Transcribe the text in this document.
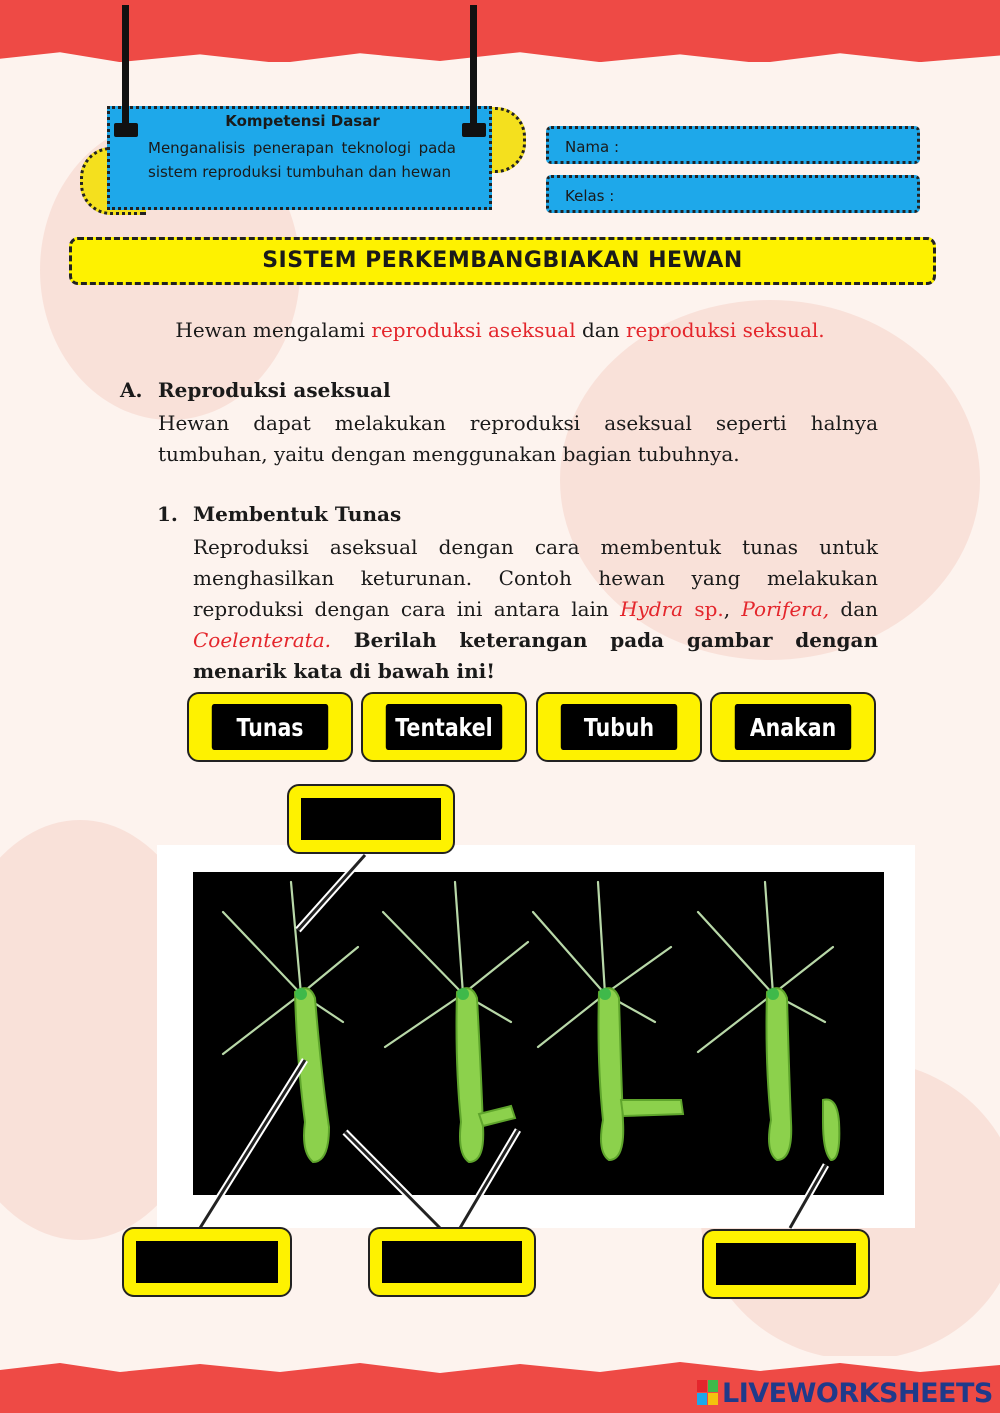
Kompetensi Dasar
Menganalisis penerapan teknologi pada sistem reproduksi tumbuhan dan hewan
Nama :
Kelas :
SISTEM PERKEMBANGBIAKAN HEWAN
Hewan mengalami reproduksi aseksual dan reproduksi seksual.
A. Reproduksi aseksual
Hewan dapat melakukan reproduksi aseksual seperti halnya tumbuhan, yaitu dengan menggunakan bagian tubuhnya.
1. Membentuk Tunas
Reproduksi aseksual dengan cara membentuk tunas untuk menghasilkan keturunan. Contoh hewan yang melakukan reproduksi dengan cara ini antara lain Hydra sp., Porifera, dan Coelenterata. Berilah keterangan pada gambar dengan menarik kata di bawah ini!
Tunas	Tentakel	Tubuh	Anakan
LIVEWORKSHEETS
